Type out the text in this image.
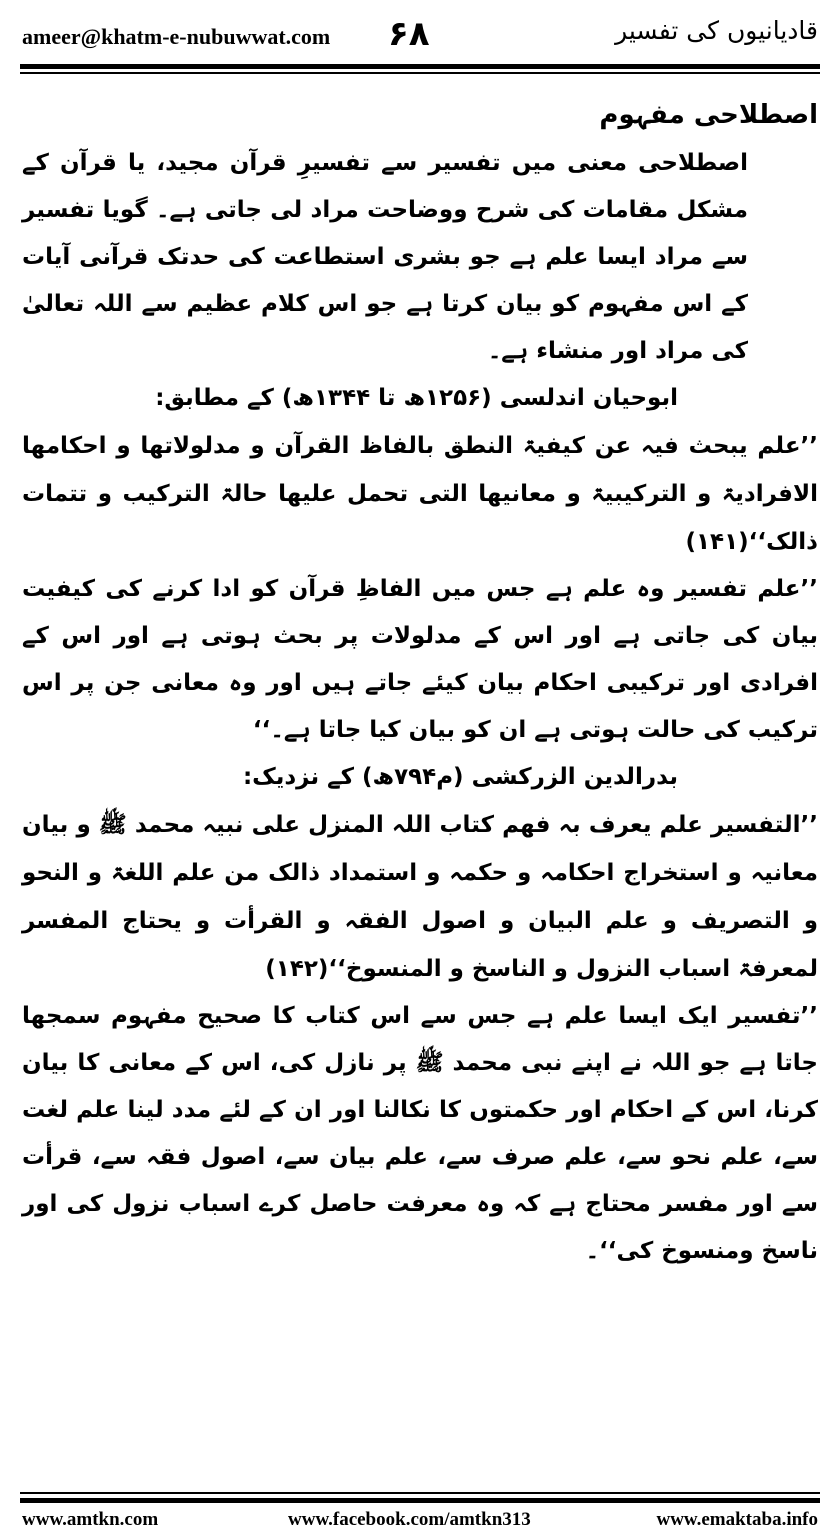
ameer@khatm-e-nubuwwat.com ۶۸	قادیانیوں کی تفسیر

اصطلاحی مفہوم

اصطلاحی معنی میں تفسیر سے تفسیرِ قرآن مجید، یا قرآن کے مشکل مقامات کی شرح ووضاحت مراد لی جاتی ہے۔ گویا تفسیر سے مراد ایسا علم ہے جو بشری استطاعت کی حدتک قرآنی آیات کے اس مفہوم کو بیان کرتا ہے جو اس کلام عظیم سے اللہ تعالیٰ کی مراد اور منشاء ہے۔

ابوحیان اندلسی (۱۲۵۶ھ تا ۱۳۴۴ھ) کے مطابق:

’’علم یبحث فیہ عن کیفیۃ النطق بالفاظ القرآن و مدلولاتھا و احکامھا الافرادیۃ و الترکیبیۃ و معانیھا التی تحمل علیھا حالۃ الترکیب و تتمات ذالک‘‘(۱۴۱)

’’علم تفسیر وہ علم ہے جس میں الفاظِ قرآن کو ادا کرنے کی کیفیت بیان کی جاتی ہے اور اس کے مدلولات پر بحث ہوتی ہے اور اس کے افرادی اور ترکیبی احکام بیان کیئے جاتے ہیں اور وہ معانی جن پر اس ترکیب کی حالت ہوتی ہے ان کو بیان کیا جاتا ہے۔‘‘

بدرالدین الزرکشی (م۷۹۴ھ) کے نزدیک:

’’التفسیر علم یعرف بہ فھم کتاب اللہ المنزل علی نبیہ محمد ﷺ و بیان معانیہ و استخراج احکامہ و حکمہ و استمداد ذالک من علم اللغۃ و النحو و التصریف و علم البیان و اصول الفقہ و القرأت و یحتاج المفسر لمعرفۃ اسباب النزول و الناسخ و المنسوخ‘‘(۱۴۲)

’’تفسیر ایک ایسا علم ہے جس سے اس کتاب کا صحیح مفہوم سمجھا جاتا ہے جو اللہ نے اپنے نبی محمد ﷺ پر نازل کی، اس کے معانی کا بیان کرنا، اس کے احکام اور حکمتوں کا نکالنا اور ان کے لئے مدد لینا علم لغت سے، علم نحو سے، علم صرف سے، علم بیان سے، اصول فقہ سے، قرأت سے اور مفسر محتاج ہے کہ وہ معرفت حاصل کرے اسباب نزول کی اور ناسخ ومنسوخ کی‘‘۔

www.amtkn.com	www.facebook.com/amtkn313	www.emaktaba.info
